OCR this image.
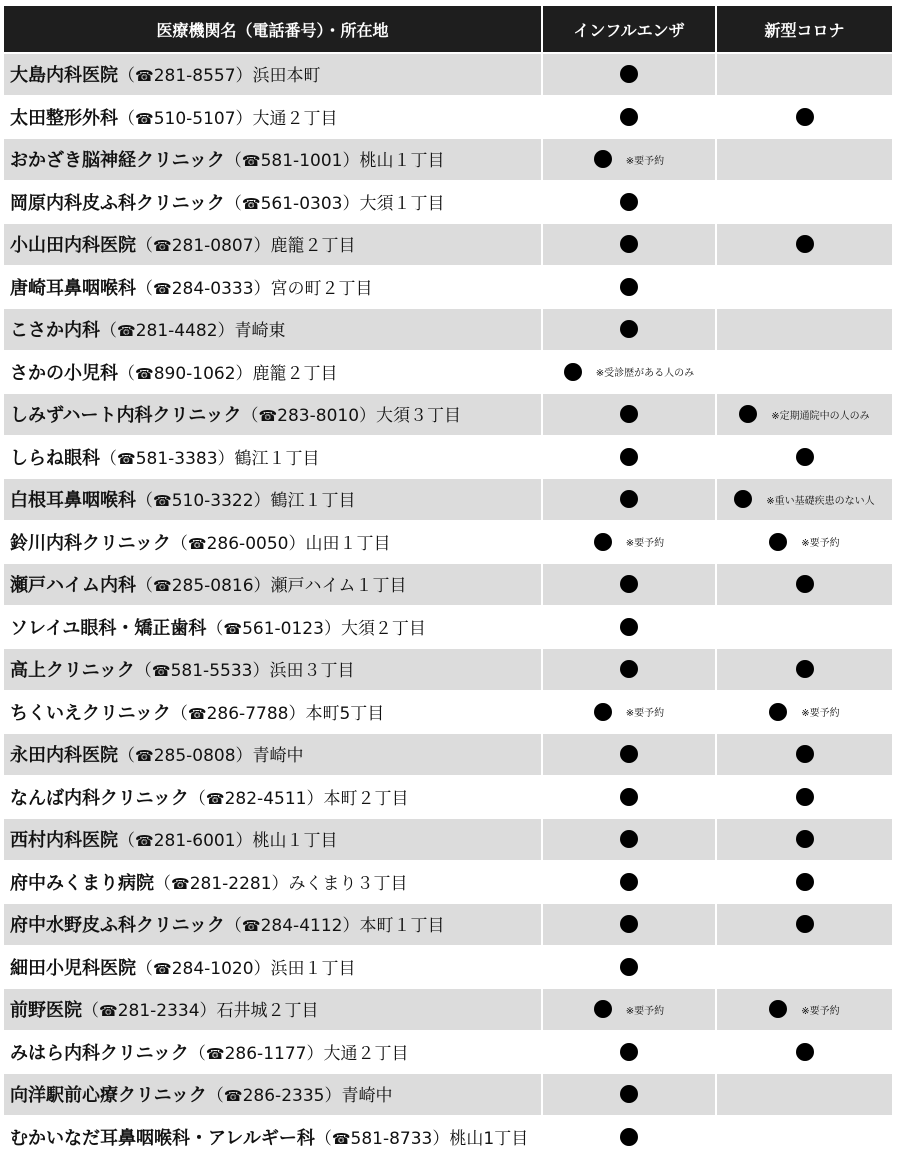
医療機関名（電話番号）・所在地	インフルエンザ	新型コロナ
大島内科医院（☎281-8557）浜田本町	

太田整形外科（☎510-5107）大通２丁目	

おかざき脳神経クリニック（☎581-1001）桃山１丁目	※要予約	

岡原内科皮ふ科クリニック（☎561-0303）大須１丁目	

小山田内科医院（☎281-0807）鹿籠２丁目	

唐崎耳鼻咽喉科（☎284-0333）宮の町２丁目	

こさか内科（☎281-4482）青崎東	

さかの小児科（☎890-1062）鹿籠２丁目	※受診歴がある人のみ	

しみずハート内科クリニック（☎283-8010）大須３丁目		※定期通院中の人のみ

しらね眼科（☎581-3383）鶴江１丁目	

白根耳鼻咽喉科（☎510-3322）鶴江１丁目		※重い基礎疾患のない人

鈴川内科クリニック（☎286-0050）山田１丁目	※要予約	※要予約

瀬戸ハイム内科（☎285-0816）瀬戸ハイム１丁目	

ソレイユ眼科・矯正歯科（☎561-0123）大須２丁目	

高上クリニック（☎581-5533）浜田３丁目	

ちくいえクリニック（☎286-7788）本町5丁目	※要予約	※要予約

永田内科医院（☎285-0808）青崎中	

なんば内科クリニック（☎282-4511）本町２丁目	

西村内科医院（☎281-6001）桃山１丁目	

府中みくまり病院（☎281-2281）みくまり３丁目	

府中水野皮ふ科クリニック（☎284-4112）本町１丁目	

細田小児科医院（☎284-1020）浜田１丁目	

前野医院（☎281-2334）石井城２丁目	※要予約	※要予約

みはら内科クリニック（☎286-1177）大通２丁目	

向洋駅前心療クリニック（☎286-2335）青崎中	

むかいなだ耳鼻咽喉科・アレルギー科（☎581-8733）桃山1丁目	
